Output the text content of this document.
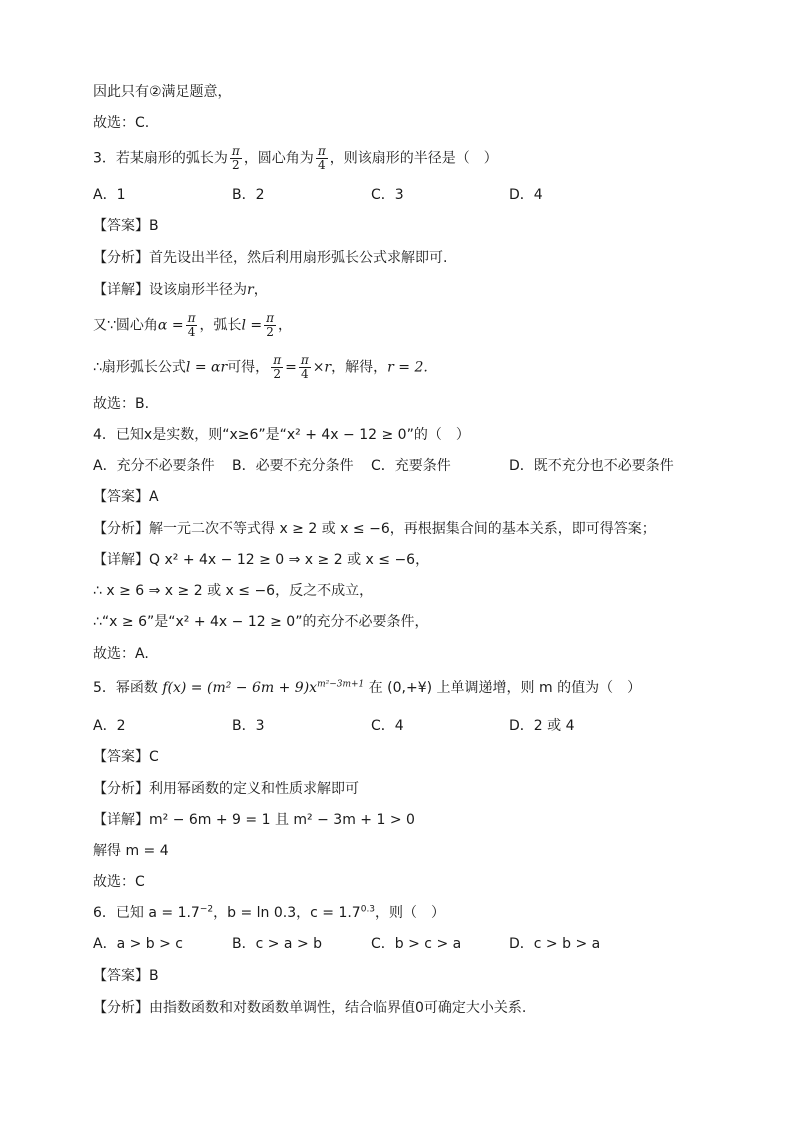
因此只有②满足题意，
故选：C.
3．若某扇形的弧长为 $\frac{\pi}{2}$ ，圆心角为 $\frac{\pi}{4}$ ，则该扇形的半径是（　）
A．1	B．2	C．3	D．4
【答案】B
【分析】首先设出半径，然后利用扇形弧长公式求解即可.
【详解】设该扇形半径为r，
又∵圆心角$\alpha = \frac{\pi}{4}$ ，弧长$l = \frac{\pi}{2}$ ，
∴扇形弧长公式l = αr可得， $\frac{\pi}{2} = \frac{\pi}{4} \times r$，解得，r = 2.
故选：B.
4．已知x是实数，则“x≥6”是“x² + 4x − 12 ≥ 0”的（　）
A．充分不必要条件 B．必要不充分条件 C．充要条件	D．既不充分也不必要条件
【答案】A
【分析】解一元二次不等式得 x ≥ 2 或 x ≤ −6，再根据集合间的基本关系，即可得答案；
【详解】Q x² + 4x − 12 ≥ 0 ⇒ x ≥ 2 或 x ≤ −6，
∴ x ≥ 6 ⇒ x ≥ 2 或 x ≤ −6，反之不成立，
∴“x ≥ 6”是“x² + 4x − 12 ≥ 0”的充分不必要条件，
故选：A.
5．幂函数 $f(x) = (m^2 - 6m + 9)x^{m^2-3m+1}$ 在 (0,+¥) 上单调递增，则 m 的值为（　）
A．2	B．3	C．4	D．2 或 4
【答案】C
【分析】利用幂函数的定义和性质求解即可
【详解】m² − 6m + 9 = 1 且 m² − 3m + 1 > 0
解得 m = 4
故选：C
6．已知 $a = 1.7^{-2}$，b = ln 0.3，$c = 1.7^{0.3}$，则（　）
A．a > b > c	B．c > a > b	C．b > c > a	D．c > b > a
【答案】B
【分析】由指数函数和对数函数单调性，结合临界值0可确定大小关系.
